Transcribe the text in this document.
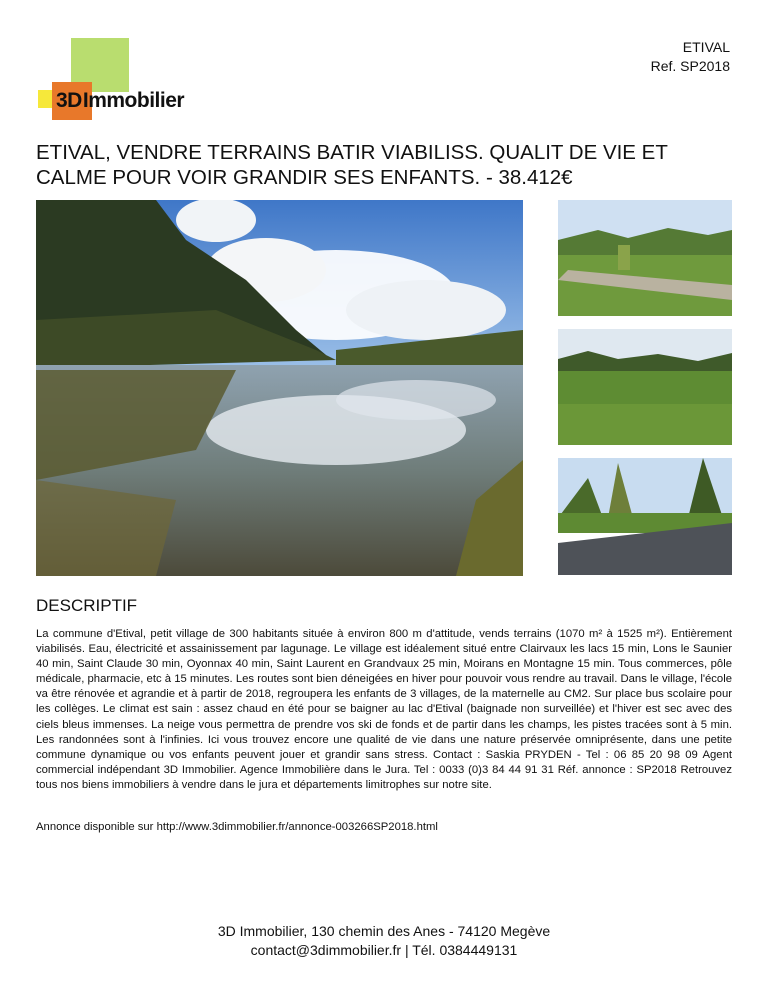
3DImmobilier
ETIVAL
Ref. SP2018
ETIVAL, VENDRE TERRAINS BATIR VIABILISS. QUALIT DE VIE ET CALME POUR VOIR GRANDIR SES ENFANTS. - 38.412€
DESCRIPTIF

La commune d'Etival, petit village de 300 habitants située à environ 800 m d'attitude, vends terrains (1070 m² à 1525 m²). Entièrement viabilisés. Eau, électricité et assainissement par lagunage. Le village est idéalement situé entre Clairvaux les lacs 15 min, Lons le Saunier 40 min, Saint Claude 30 min, Oyonnax 40 min, Saint Laurent en Grandvaux 25 min, Moirans en Montagne 15 min. Tous commerces, pôle médicale, pharmacie, etc à 15 minutes. Les routes sont bien déneigées en hiver pour pouvoir vous rendre au travail. Dans le village, l'école va être rénovée et agrandie et à partir de 2018, regroupera les enfants de 3 villages, de la maternelle au CM2. Sur place bus scolaire pour les collèges. Le climat est sain : assez chaud en été pour se baigner au lac d'Etival (baignade non surveillée) et l'hiver est sec avec des ciels bleus immenses. La neige vous permettra de prendre vos ski de fonds et de partir dans les champs, les pistes tracées sont à 5 min. Les randonnées sont à l'infinies. Ici vous trouvez encore une qualité de vie dans une nature préservée omniprésente, dans une petite commune dynamique ou vos enfants peuvent jouer et grandir sans stress. Contact : Saskia PRYDEN - Tel : 06 85 20 98 09 Agent commercial indépendant 3D Immobilier. Agence Immobilière dans le Jura. Tel : 0033 (0)3 84 44 91 31 Réf. annonce : SP2018 Retrouvez tous nos biens immobiliers à vendre dans le jura et départements limitrophes sur notre site.

Annonce disponible sur http://www.3dimmobilier.fr/annonce-003266SP2018.html

3D Immobilier, 130 chemin des Anes - 74120 Megève
contact@3dimmobilier.fr | Tél. 0384449131
